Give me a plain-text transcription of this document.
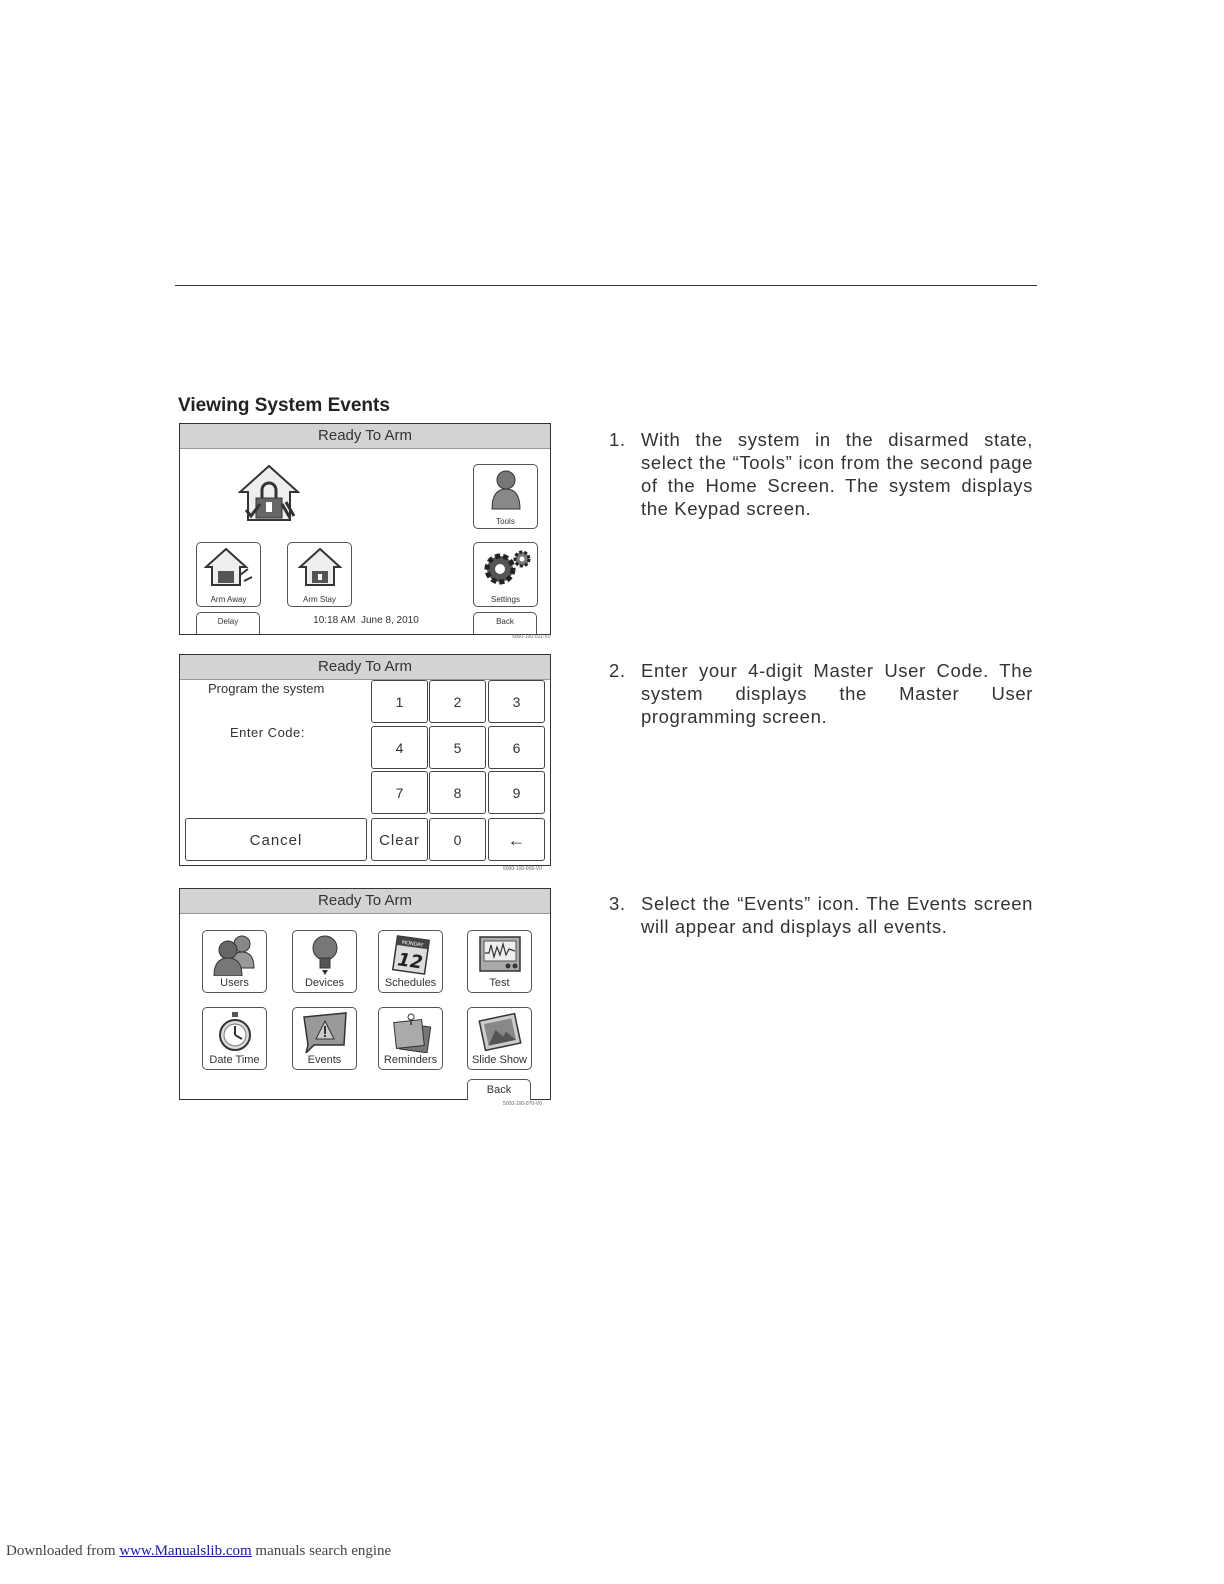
Viewing System Events
Ready To Arm
Tools
Arm Away	Arm Stay	Settings
Delay	10:18 AM  June 8, 2010	Back
5000-100-011-V0
Ready To Arm
Program the system
Enter Code:
1	2	3
4	5	6
7	8	9
Cancel	Clear	0	←
5000-100-009-V0
Ready To Arm
Users	Devices
MONDAY
12
Schedules	Test
Date Time	Events	Reminders	Slide Show
Back
5000-100-070-V0
1. With the system in the disarmed state, select the “Tools” icon from the second page of the Home Screen. The system displays the Keypad screen.
2. Enter your 4-digit Master User Code. The system displays the Master User programming screen.
3. Select the “Events” icon. The Events screen will appear and displays all events.
Downloaded from www.Manualslib.com manuals search engine
